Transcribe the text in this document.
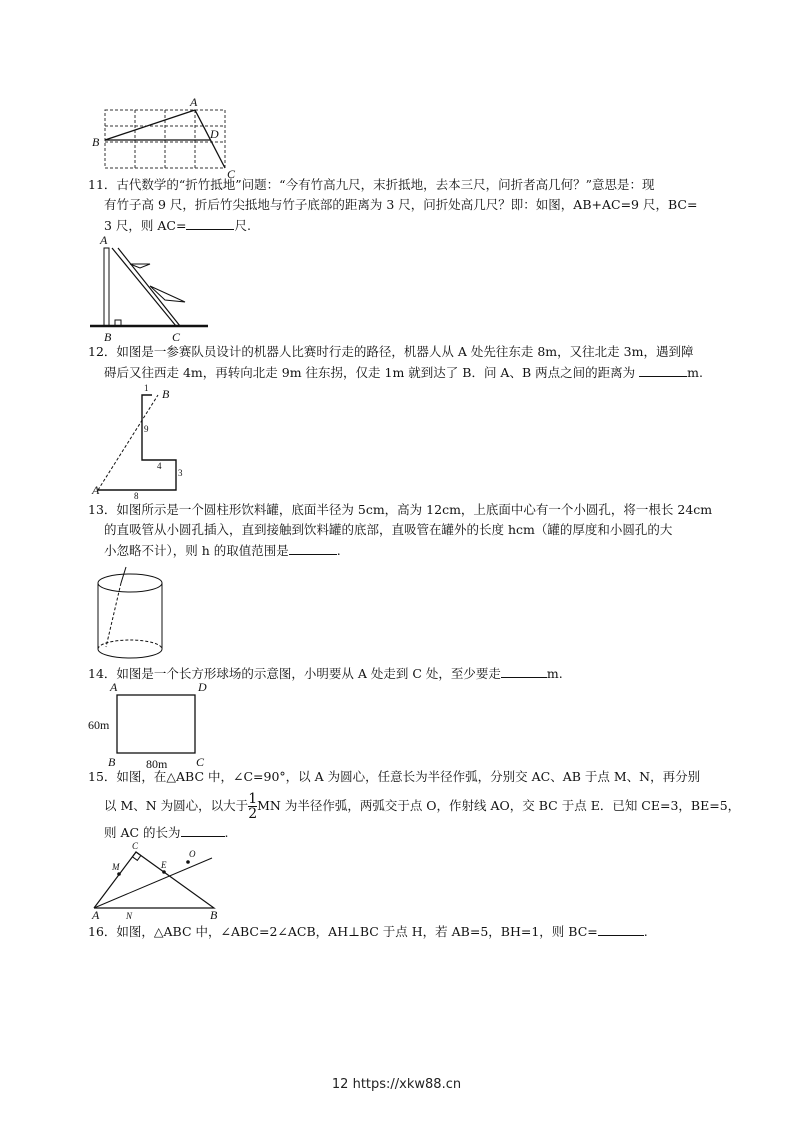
A
B
D
C
11．古代数学的“折竹抵地”问题：“今有竹高九尺，末折抵地，去本三尺，问折者高几何？”意思是：现
有竹子高 9 尺，折后竹尖抵地与竹子底部的距离为 3 尺，问折处高几尺？即：如图，AB+AC=9 尺，BC=
3 尺，则 AC=	尺.
A
B	C
12．如图是一参赛队员设计的机器人比赛时行走的路径，机器人从 A 处先往东走 8m，又往北走 3m，遇到障
碍后又往西走 4m，再转向北走 9m 往东拐，仅走 1m 就到达了 B．问 A、B 两点之间的距离为	m.
A
B
1
9
4
3
8
13．如图所示是一个圆柱形饮料罐，底面半径为 5cm，高为 12cm，上底面中心有一个小圆孔，将一根长 24cm
的直吸管从小圆孔插入，直到接触到饮料罐的底部，直吸管在罐外的长度 hcm（罐的厚度和小圆孔的大
小忽略不计），则 h 的取值范围是	.
14．如图是一个长方形球场的示意图，小明要从 A 处走到 C 处，至少要走	m.
A	D
B	C
60m
80m
15．如图，在△ABC 中，∠C=90°，以 A 为圆心，任意长为半径作弧，分别交 AC、AB 于点 M、N，再分别
以 M、N 为圆心，以大于 $\frac{1}{2}$ MN 为半径作弧，两弧交于点 O，作射线 AO，交 BC 于点 E．已知 CE=3，BE=5，
则 AC 的长为	.
A	B
C
E
M
N
O
16．如图，△ABC 中，∠ABC=2∠ACB，AH⊥BC 于点 H，若 AB=5，BH=1，则 BC=	.
12 https://xkw88.cn
